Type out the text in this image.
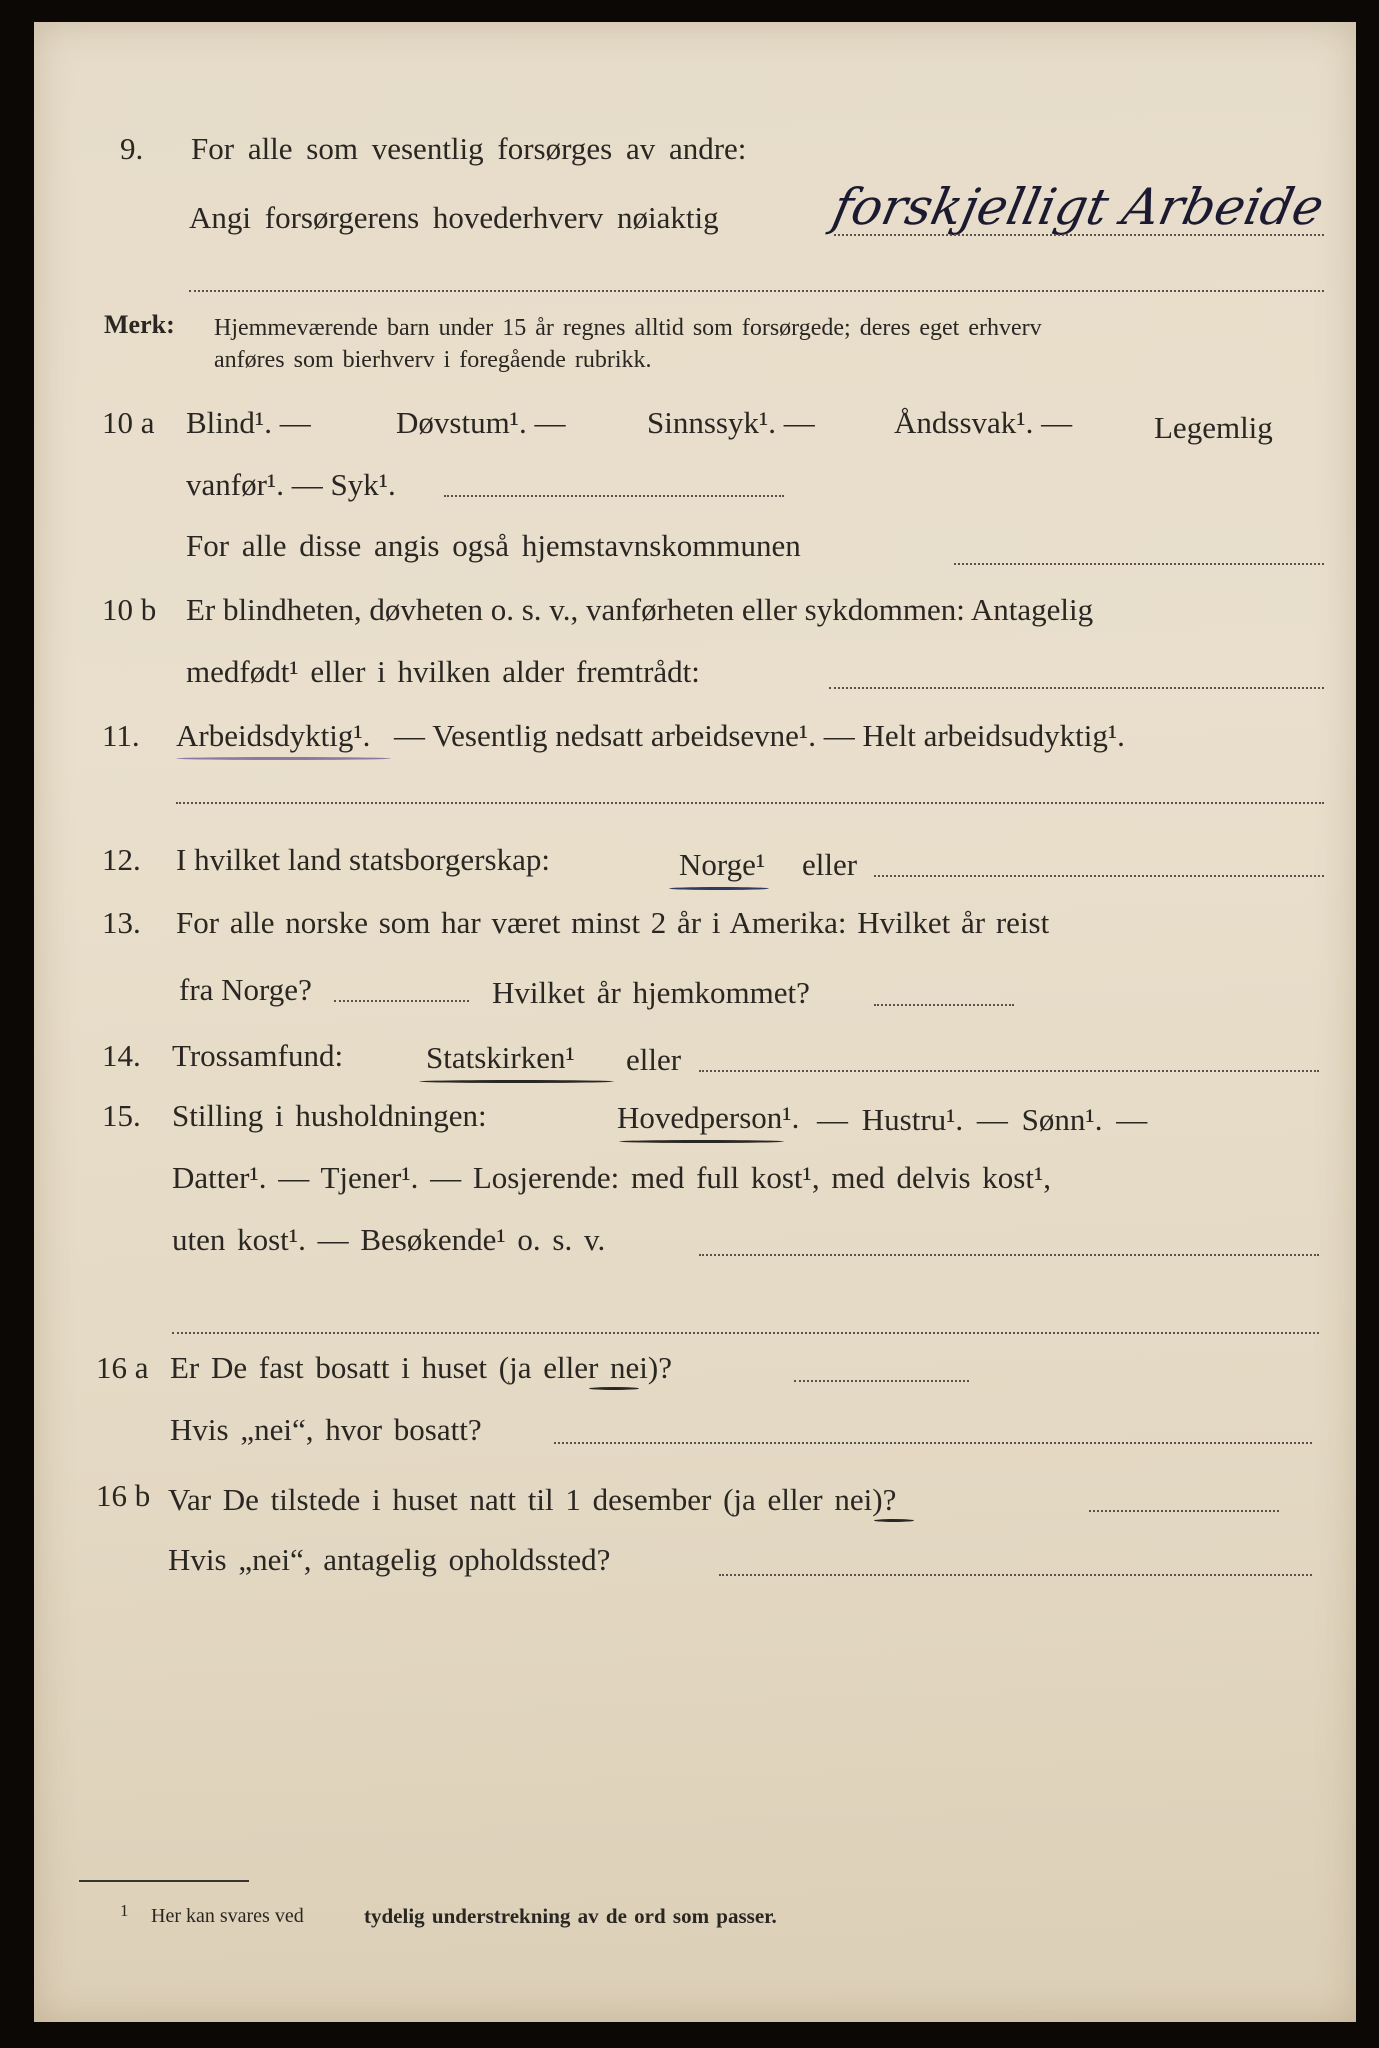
9. For alle som vesentlig forsørges av andre:
Angi forsørgerens hovederhverv nøiaktig forskjelligt Arbeide
Merk: Hjemmeværende barn under 15 år regnes alltid som forsørgede; deres eget erhverv
anføres som bierhverv i foregående rubrikk.
10 a Blind¹. —	Døvstum¹. —	Sinnssyk¹. —	Åndssvak¹. —	Legemlig
vanfør¹. — Syk¹.
For alle disse angis også hjemstavnskommunen
10 b Er blindheten, døvheten o. s. v., vanførheten eller sykdommen: Antagelig
medfødt¹ eller i hvilken alder fremtrådt:
11. Arbeidsdyktig¹. — Vesentlig nedsatt arbeidsevne¹. — Helt arbeidsudyktig¹.
12. I hvilket land statsborgerskap:	Norge¹ eller
13. For alle norske som har været minst 2 år i Amerika: Hvilket år reist
fra Norge?	Hvilket år hjemkommet?
14. Trossamfund:	Statskirken¹ eller
15. Stilling i husholdningen:	Hovedperson¹. — Hustru¹. — Sønn¹. —
Datter¹. — Tjener¹. — Losjerende: med full kost¹, med delvis kost¹,
uten kost¹. — Besøkende¹ o. s. v.
16 a Er De fast bosatt i huset (ja eller nei)?
Hvis „nei“, hvor bosatt?
16 b Var De tilstede i huset natt til 1 desember (ja eller nei)?
Hvis „nei“, antagelig opholdssted?
1 Her kan svares ved	tydelig understrekning av de ord som passer.
